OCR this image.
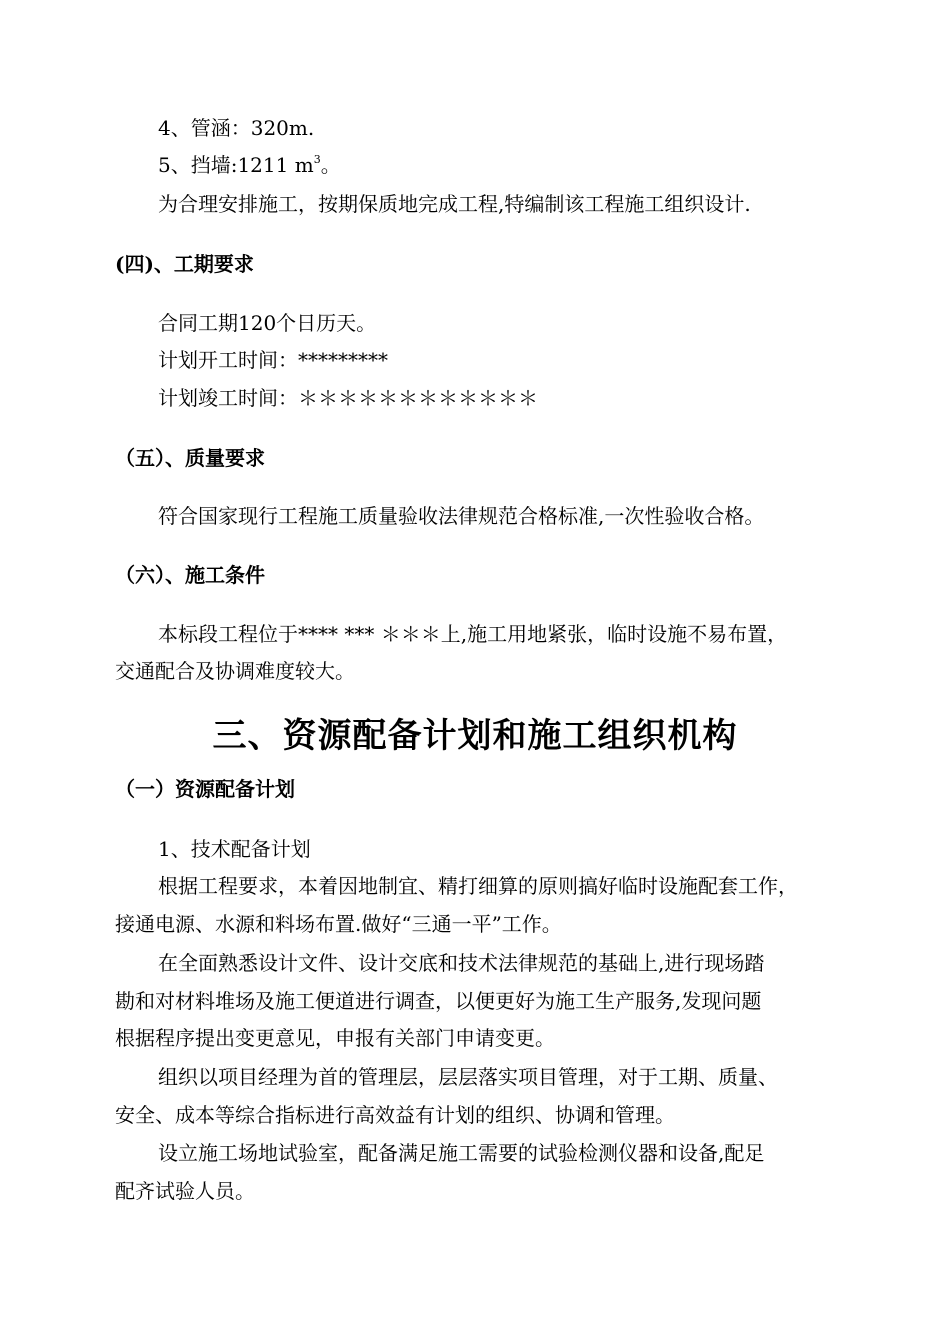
4、管涵：320m.
5、挡墙:1211 $m^3$。
为合理安排施工，按期保质地完成工程,特编制该工程施工组织设计.
(四)、工期要求
合同工期120个日历天。
计划开工时间：*********
计划竣工时间：＊＊＊＊＊＊＊＊＊＊＊＊
（五）、质量要求
符合国家现行工程施工质量验收法律规范合格标准,一次性验收合格。
（六）、施工条件
本标段工程位于**** *** ＊＊＊上,施工用地紧张，临时设施不易布置，
交通配合及协调难度较大。
三、资源配备计划和施工组织机构
（一）资源配备计划
1、技术配备计划
根据工程要求，本着因地制宜、精打细算的原则搞好临时设施配套工作，
接通电源、水源和料场布置.做好“三通一平”工作。
在全面熟悉设计文件、设计交底和技术法律规范的基础上,进行现场踏
勘和对材料堆场及施工便道进行调查，以便更好为施工生产服务,发现问题
根据程序提出变更意见，申报有关部门申请变更。
组织以项目经理为首的管理层，层层落实项目管理，对于工期、质量、
安全、成本等综合指标进行高效益有计划的组织、协调和管理。
设立施工场地试验室，配备满足施工需要的试验检测仪器和设备,配足
配齐试验人员。
